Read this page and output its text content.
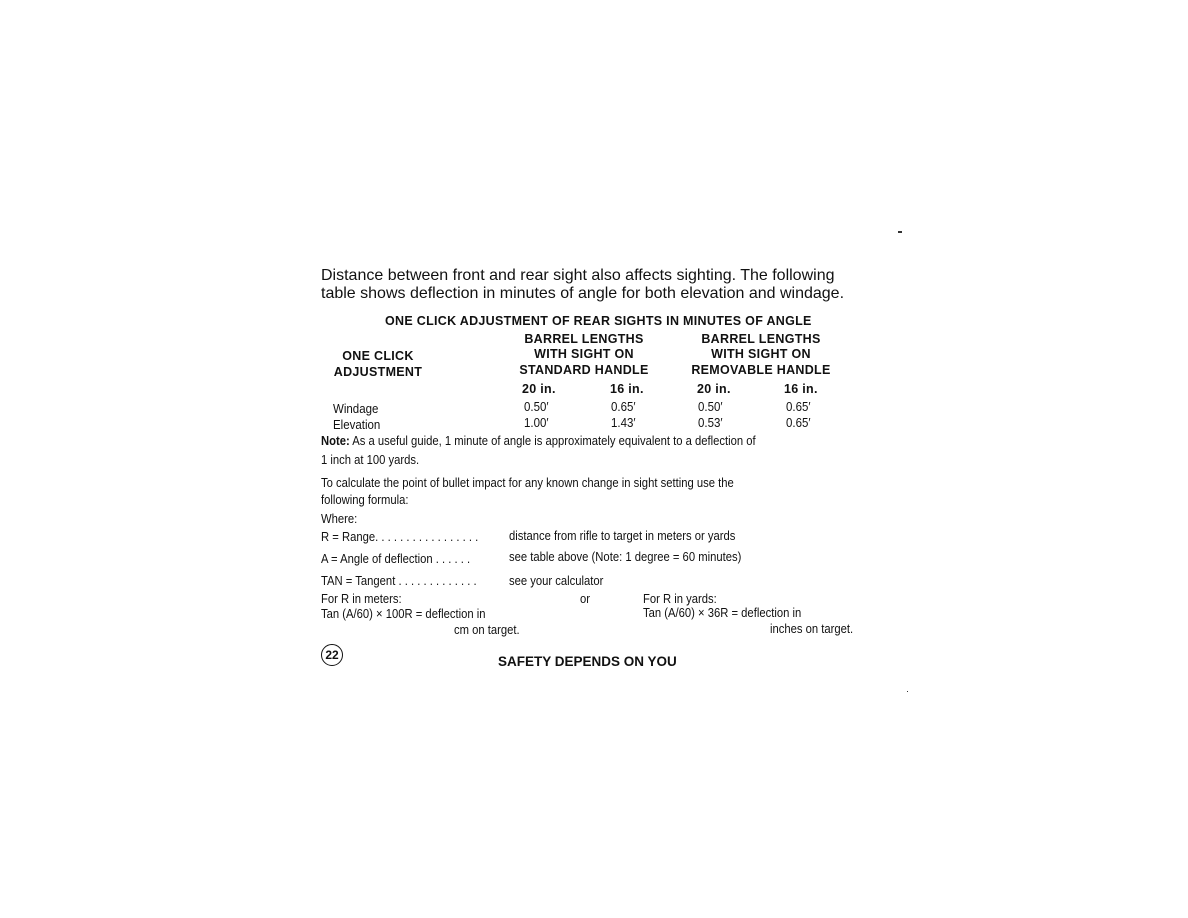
Distance between front and rear sight also affects sighting. The following
table shows deflection in minutes of angle for both elevation and windage.
ONE CLICK ADJUSTMENT OF REAR SIGHTS IN MINUTES OF ANGLE
BARREL LENGTHS
WITH SIGHT ON
STANDARD HANDLE
BARREL LENGTHS
WITH SIGHT ON
REMOVABLE HANDLE
ONE CLICK
ADJUSTMENT
20 in.	16 in.	20 in.	16 in.
Windage	0.50′	0.65′	0.50′	0.65′
Elevation	1.00′	1.43′	0.53′	0.65′
Note: As a useful guide, 1 minute of angle is approximately equivalent to a deflection of
1 inch at 100 yards.
To calculate the point of bullet impact for any known change in sight setting use the
following formula:
Where:
R = Range. . . . . . . . . . . . . . . . . distance from rifle to target in meters or yards
A = Angle of deflection . . . . . .	see table above (Note: 1 degree = 60 minutes)
TAN = Tangent . . . . . . . . . . . . .	see your calculator
For R in meters:
Tan (A/60) × 100R = deflection in
cm on target.
or	For R in yards:
Tan (A/60) × 36R = deflection in
inches on target.
22	SAFETY DEPENDS ON YOU
